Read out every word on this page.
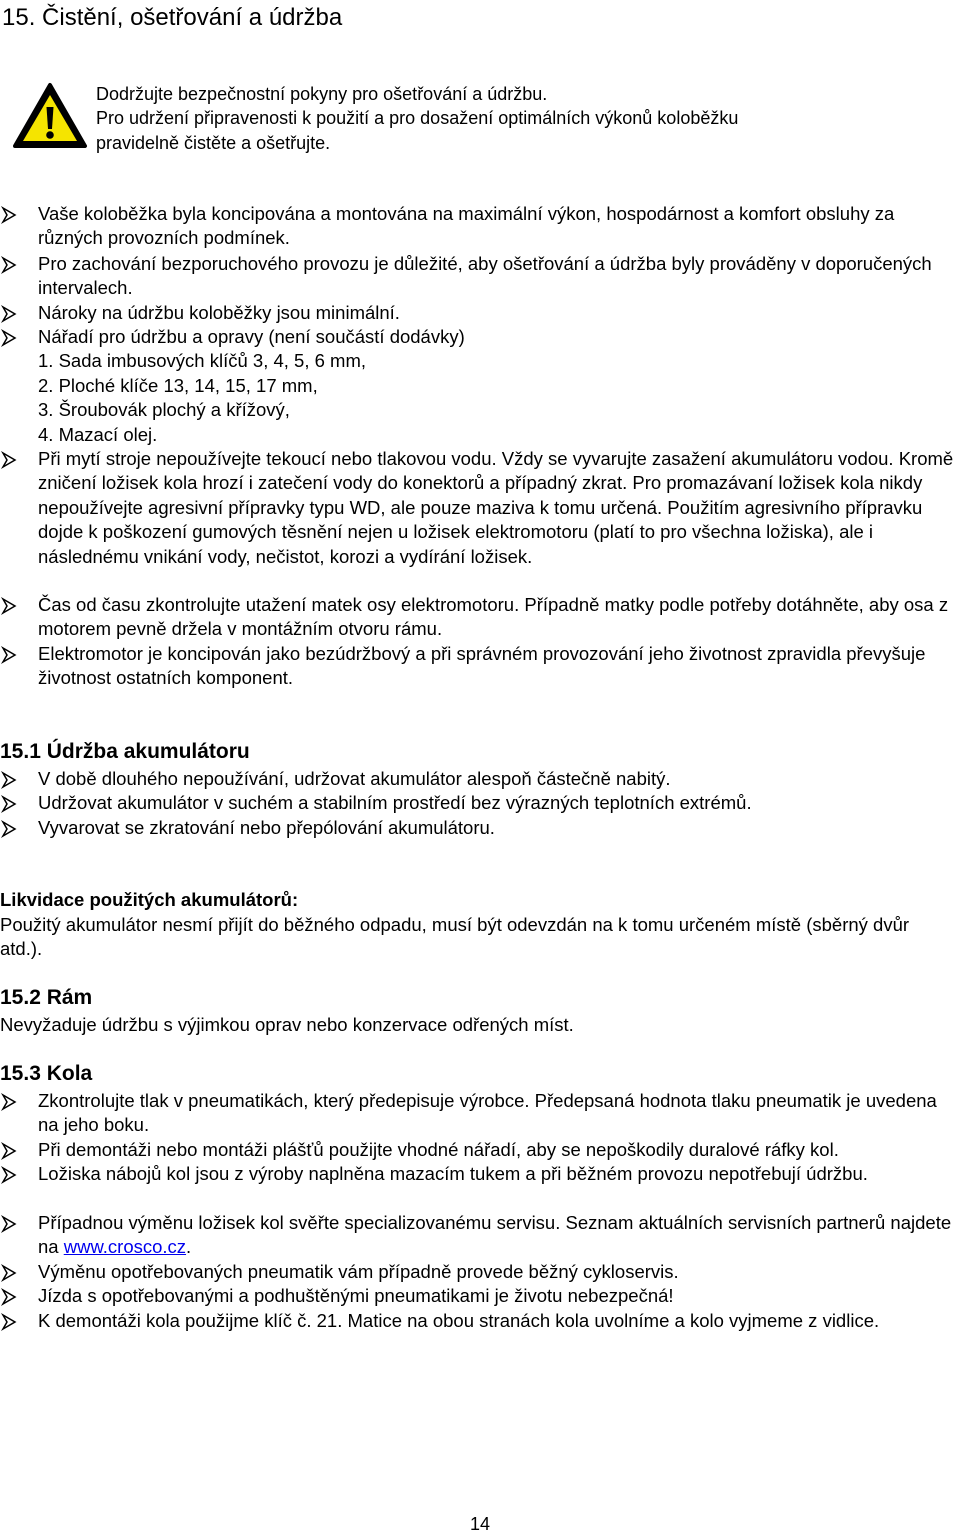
15. Čistění, ošetřování a údržba
Dodržujte bezpečnostní pokyny pro ošetřování a údržbu.
Pro udržení připravenosti k použití a pro dosažení optimálních výkonů koloběžku
pravidelně čistěte a ošetřujte.
Vaše koloběžka byla koncipována a montována na maximální výkon, hospodárnost a komfort obsluhy za různých provozních podmínek.
Pro zachování bezporuchového provozu je důležité, aby ošetřování a údržba byly prováděny v doporučených intervalech.
Nároky na údržbu koloběžky jsou minimální.
Nářadí pro údržbu a opravy (není součástí dodávky)
1. Sada imbusových klíčů 3, 4, 5, 6 mm,
2. Ploché klíče 13, 14, 15, 17 mm,
3. Šroubovák plochý a křížový,
4. Mazací olej.
Při mytí stroje nepoužívejte tekoucí nebo tlakovou vodu. Vždy se vyvarujte zasažení akumulátoru vodou. Kromě zničení ložisek kola hrozí i zatečení vody do konektorů a případný zkrat. Pro promazávaní ložisek kola nikdy nepoužívejte agresivní přípravky typu WD, ale pouze maziva k tomu určená. Použitím agresivního přípravku dojde k poškození gumových těsnění nejen u ložisek elektromotoru (platí to pro všechna ložiska), ale i následnému vnikání vody, nečistot, korozi a vydírání ložisek.
Čas od času zkontrolujte utažení matek osy elektromotoru. Případně matky podle potřeby dotáhněte, aby osa z motorem pevně držela v montážním otvoru rámu.
Elektromotor je koncipován jako bezúdržbový a při správném provozování jeho životnost zpravidla převyšuje životnost ostatních komponent.
15.1 Údržba akumulátoru
V době dlouhého nepoužívání, udržovat akumulátor alespoň částečně nabitý.
Udržovat akumulátor v suchém a stabilním prostředí bez výrazných teplotních extrémů.
Vyvarovat se zkratování nebo přepólování akumulátoru.
Likvidace použitých akumulátorů:
Použitý akumulátor nesmí přijít do běžného odpadu, musí být odevzdán na k tomu určeném místě (sběrný dvůr atd.).
15.2 Rám
Nevyžaduje údržbu s výjimkou oprav nebo konzervace odřených míst.
15.3 Kola
Zkontrolujte tlak v pneumatikách, který předepisuje výrobce. Předepsaná hodnota tlaku pneumatik je uvedena na jeho boku.
Při demontáži nebo montáži plášťů použijte vhodné nářadí, aby se nepoškodily duralové ráfky kol.
Ložiska nábojů kol jsou z výroby naplněna mazacím tukem a při běžném provozu nepotřebují údržbu.
Případnou výměnu ložisek kol svěřte specializovanému servisu. Seznam aktuálních servisních partnerů najdete na www.crosco.cz.
Výměnu opotřebovaných pneumatik vám případně provede běžný cykloservis.
Jízda s opotřebovanými a podhuštěnými pneumatikami je životu nebezpečná!
K demontáži kola použijme klíč č. 21. Matice na obou stranách kola uvolníme a kolo vyjmeme z vidlice.
14
